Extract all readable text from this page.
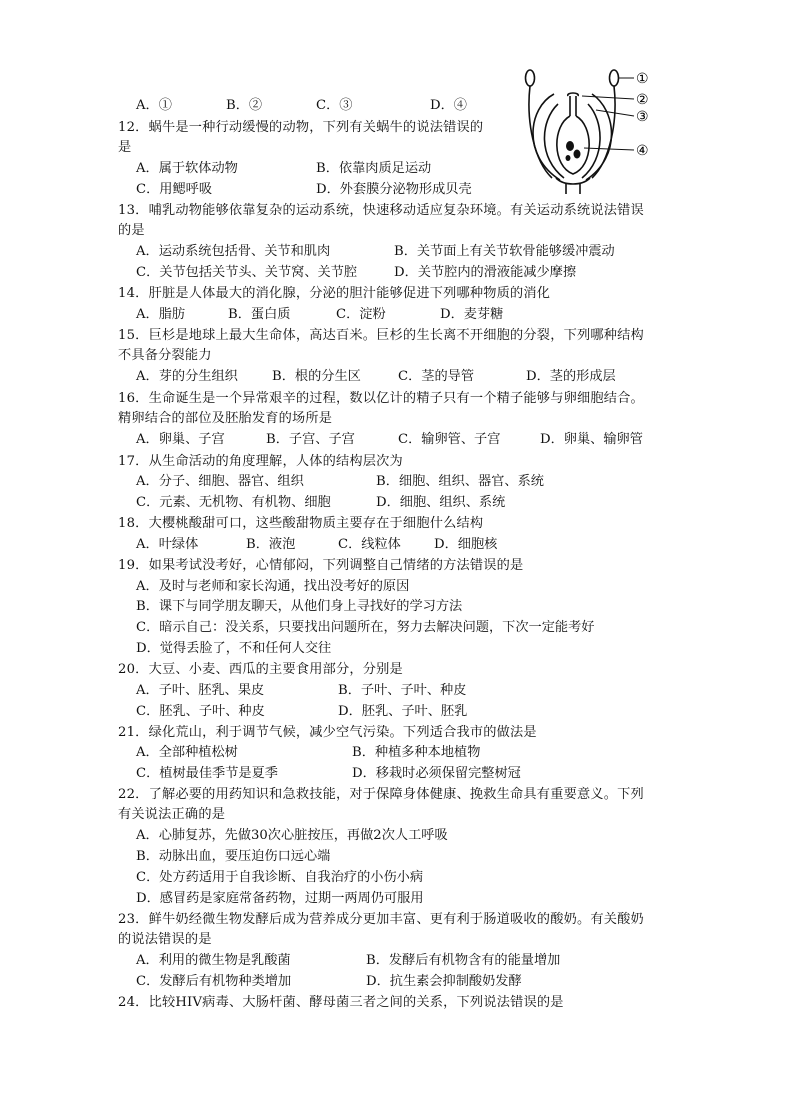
A．①	B．②	C．③	D．④
①
②
③
④
12．蜗牛是一种行动缓慢的动物，下列有关蜗牛的说法错误的
是
A．属于软体动物	B．依靠肉质足运动
C．用鳃呼吸	D．外套膜分泌物形成贝壳
13．哺乳动物能够依靠复杂的运动系统，快速移动适应复杂环境。有关运动系统说法错误
的是
A．运动系统包括骨、关节和肌肉	B．关节面上有关节软骨能够缓冲震动
C．关节包括关节头、关节窝、关节腔	D．关节腔内的滑液能减少摩擦
14．肝脏是人体最大的消化腺，分泌的胆汁能够促进下列哪种物质的消化
A．脂肪	B．蛋白质	C．淀粉	D．麦芽糖
15．巨杉是地球上最大生命体，高达百米。巨杉的生长离不开细胞的分裂，下列哪种结构
不具备分裂能力
A．芽的分生组织	B．根的分生区	C．茎的导管	D．茎的形成层
16．生命诞生是一个异常艰辛的过程，数以亿计的精子只有一个精子能够与卵细胞结合。
精卵结合的部位及胚胎发育的场所是
A．卵巢、子宫	B．子宫、子宫	C．输卵管、子宫	D．卵巢、输卵管
17．从生命活动的角度理解，人体的结构层次为
A．分子、细胞、器官、组织	B．细胞、组织、器官、系统
C．元素、无机物、有机物、细胞	D．细胞、组织、系统
18．大樱桃酸甜可口，这些酸甜物质主要存在于细胞什么结构
A．叶绿体	B．液泡	C．线粒体	D．细胞核
19．如果考试没考好，心情郁闷，下列调整自己情绪的方法错误的是
A．及时与老师和家长沟通，找出没考好的原因
B．课下与同学朋友聊天，从他们身上寻找好的学习方法
C．暗示自己：没关系，只要找出问题所在，努力去解决问题，下次一定能考好
D．觉得丢脸了，不和任何人交往
20．大豆、小麦、西瓜的主要食用部分，分别是
A．子叶、胚乳、果皮	B．子叶、子叶、种皮
C．胚乳、子叶、种皮	D．胚乳、子叶、胚乳
21．绿化荒山，利于调节气候，减少空气污染。下列适合我市的做法是
A．全部种植松树	B．种植多种本地植物
C．植树最佳季节是夏季	D．移栽时必须保留完整树冠
22．了解必要的用药知识和急救技能，对于保障身体健康、挽救生命具有重要意义。下列
有关说法正确的是
A．心肺复苏，先做30次心脏按压，再做2次人工呼吸
B．动脉出血，要压迫伤口远心端
C．处方药适用于自我诊断、自我治疗的小伤小病
D．感冒药是家庭常备药物，过期一两周仍可服用
23．鲜牛奶经微生物发酵后成为营养成分更加丰富、更有利于肠道吸收的酸奶。有关酸奶
的说法错误的是
A．利用的微生物是乳酸菌	B．发酵后有机物含有的能量增加
C．发酵后有机物种类增加	D．抗生素会抑制酸奶发酵
24．比较HIV病毒、大肠杆菌、酵母菌三者之间的关系，下列说法错误的是
